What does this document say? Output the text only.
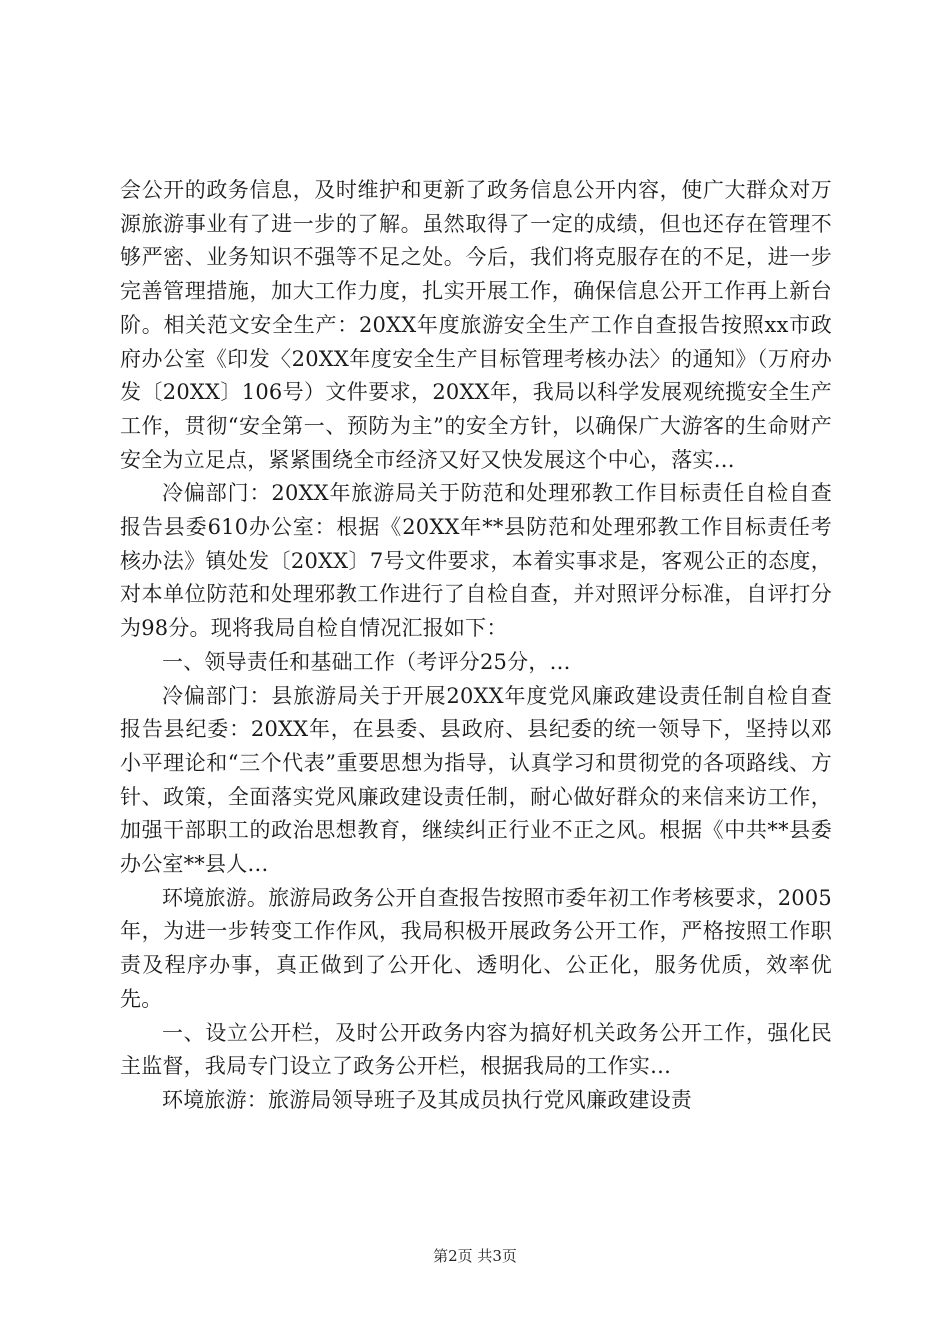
会公开的政务信息，及时维护和更新了政务信息公开内容，使广大群众对万源旅游事业有了进一步的了解。虽然取得了一定的成绩，但也还存在管理不够严密、业务知识不强等不足之处。今后，我们将克服存在的不足，进一步完善管理措施，加大工作力度，扎实开展工作，确保信息公开工作再上新台阶。相关范文安全生产：20XX年度旅游安全生产工作自查报告按照xx市政府办公室《印发〈20XX年度安全生产目标管理考核办法〉的通知》（万府办发〔20XX〕106号）文件要求，20XX年，我局以科学发展观统揽安全生产工作，贯彻“安全第一、预防为主”的安全方针，以确保广大游客的生命财产安全为立足点，紧紧围绕全市经济又好又快发展这个中心，落实…

冷偏部门：20XX年旅游局关于防范和处理邪教工作目标责任自检自查报告县委610办公室：根据《20XX年**县防范和处理邪教工作目标责任考核办法》镇处发〔20XX〕7号文件要求，本着实事求是，客观公正的态度，对本单位防范和处理邪教工作进行了自检自查，并对照评分标准，自评打分为98分。现将我局自检自情况汇报如下：

一、领导责任和基础工作（考评分25分，…

冷偏部门：县旅游局关于开展20XX年度党风廉政建设责任制自检自查报告县纪委：20XX年，在县委、县政府、县纪委的统一领导下，坚持以邓小平理论和“三个代表”重要思想为指导，认真学习和贯彻党的各项路线、方针、政策，全面落实党风廉政建设责任制，耐心做好群众的来信来访工作，加强干部职工的政治思想教育，继续纠正行业不正之风。根据《中共**县委办公室**县人…

环境旅游。旅游局政务公开自查报告按照市委年初工作考核要求，2005年，为进一步转变工作作风，我局积极开展政务公开工作，严格按照工作职责及程序办事，真正做到了公开化、透明化、公正化，服务优质，效率优先。

一、设立公开栏，及时公开政务内容为搞好机关政务公开工作，强化民主监督，我局专门设立了政务公开栏，根据我局的工作实…

环境旅游：旅游局领导班子及其成员执行党风廉政建设责

第2页 共3页
